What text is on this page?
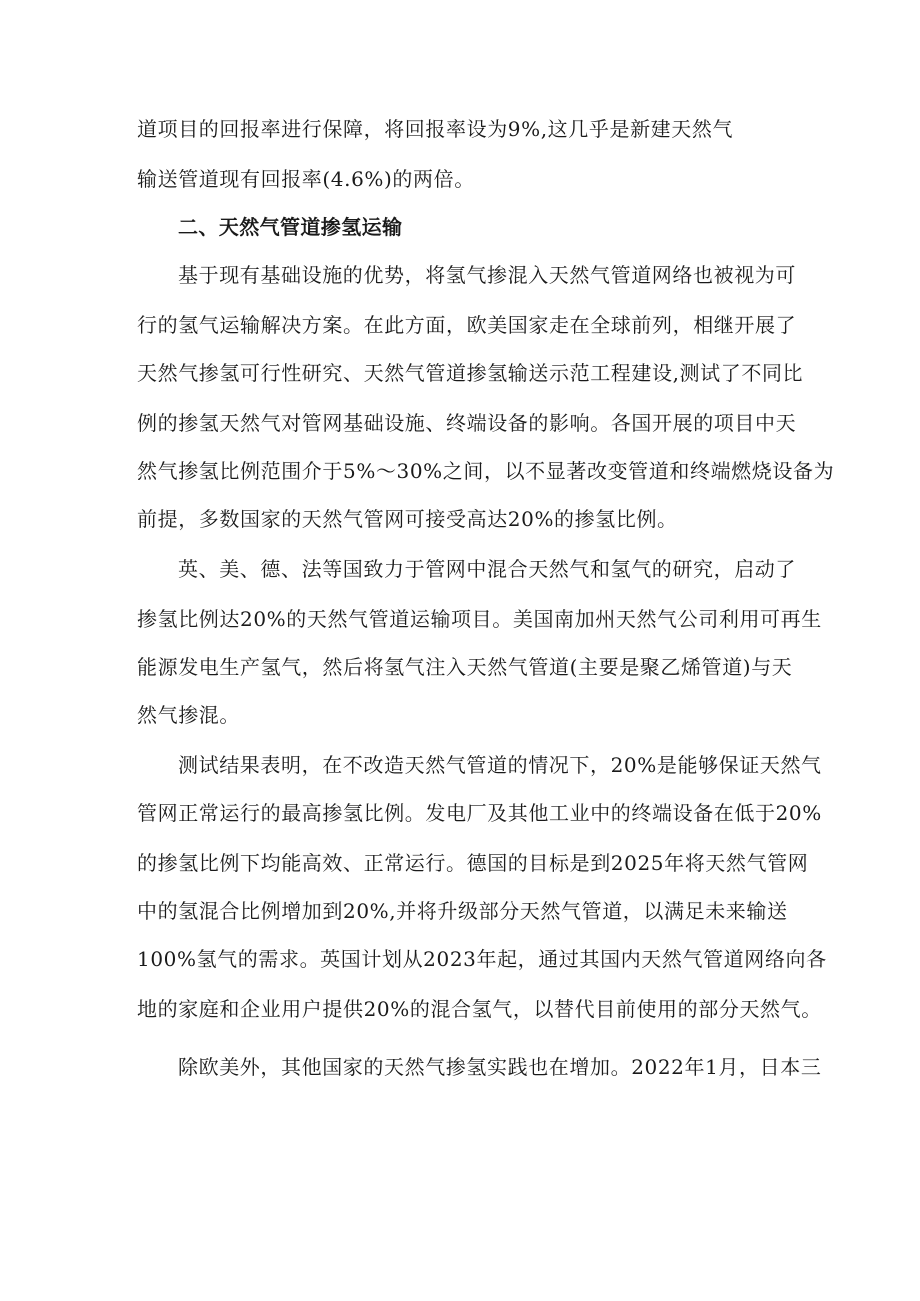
道项目的回报率进行保障，将回报率设为9%,这几乎是新建天然气
输送管道现有回报率(4.6%)的两倍。
二、天然气管道掺氢运输
基于现有基础设施的优势，将氢气掺混入天然气管道网络也被视为可
行的氢气运输解决方案。在此方面，欧美国家走在全球前列，相继开展了
天然气掺氢可行性研究、天然气管道掺氢输送示范工程建设,测试了不同比
例的掺氢天然气对管网基础设施、终端设备的影响。各国开展的项目中天
然气掺氢比例范围介于5%～30%之间，以不显著改变管道和终端燃烧设备为
前提，多数国家的天然气管网可接受高达20%的掺氢比例。
英、美、德、法等国致力于管网中混合天然气和氢气的研究，启动了
掺氢比例达20%的天然气管道运输项目。美国南加州天然气公司利用可再生
能源发电生产氢气，然后将氢气注入天然气管道(主要是聚乙烯管道)与天
然气掺混。
测试结果表明，在不改造天然气管道的情况下，20%是能够保证天然气
管网正常运行的最高掺氢比例。发电厂及其他工业中的终端设备在低于20%
的掺氢比例下均能高效、正常运行。德国的目标是到2025年将天然气管网
中的氢混合比例增加到20%,并将升级部分天然气管道，以满足未来输送
100%氢气的需求。英国计划从2023年起，通过其国内天然气管道网络向各
地的家庭和企业用户提供20%的混合氢气，以替代目前使用的部分天然气。
除欧美外，其他国家的天然气掺氢实践也在增加。2022年1月，日本三
